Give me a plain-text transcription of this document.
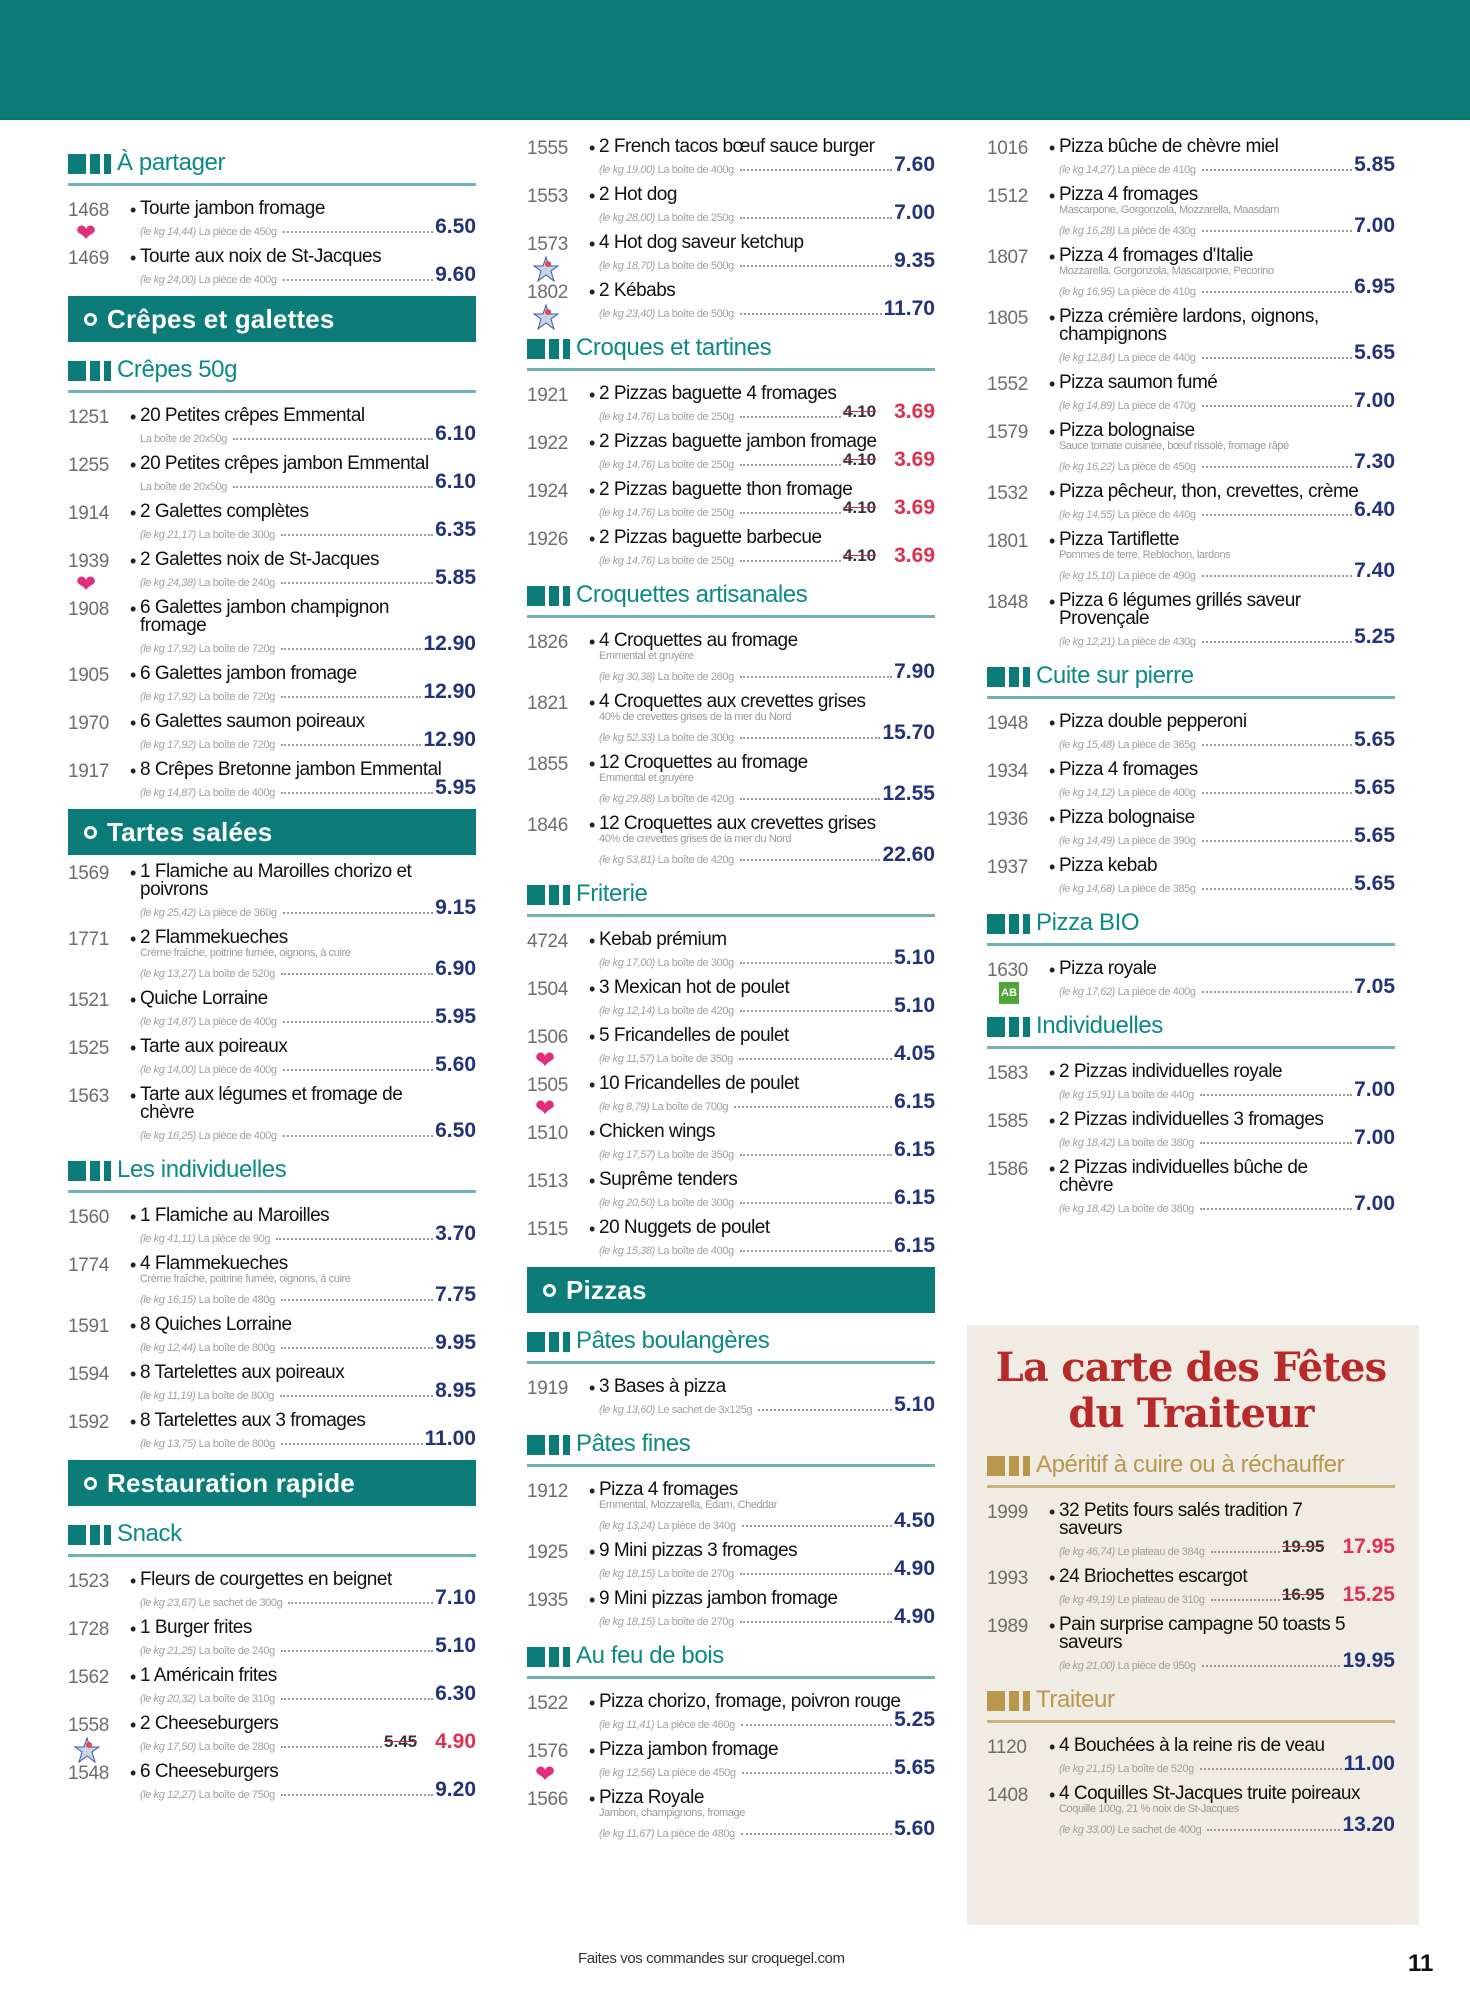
À partager
1468 •
❤
Tourte jambon fromage
(le kg 14,44) La pièce de 450g	6.50
1469 • Tourte aux noix de St-Jacques
(le kg 24,00) La pièce de 400g	9.60
Crêpes et galettes
Crêpes 50g
1251 • 20 Petites crêpes Emmental
La boîte de 20x50g	6.10
1255 • 20 Petites crêpes jambon Emmental
La boîte de 20x50g	6.10
1914 • 2 Galettes complètes
(le kg 21,17) La boîte de 300g	6.35
1939 •
❤
2 Galettes noix de St-Jacques
(le kg 24,38) La boîte de 240g	5.85
1908 • 6 Galettes jambon champignon fromage
(le kg 17,92) La boîte de 720g	12.90
1905 • 6 Galettes jambon fromage
(le kg 17,92) La boîte de 720g	12.90
1970 • 6 Galettes saumon poireaux
(le kg 17,92) La boîte de 720g	12.90
1917 • 8 Crêpes Bretonne jambon Emmental
(le kg 14,87) La boîte de 400g	5.95
Tartes salées
1569 • 1 Flamiche au Maroilles chorizo et poivrons
(le kg 25,42) La pièce de 360g	9.15
1771 • 2 Flammekueches
Crème fraîche, poitrine fumée, oignons, à cuire
(le kg 13,27) La boîte de 520g	6.90
1521 • Quiche Lorraine
(le kg 14,87) La pièce de 400g	5.95
1525 • Tarte aux poireaux
(le kg 14,00) La pièce de 400g	5.60
1563 • Tarte aux légumes et fromage de chèvre
(le kg 16,25) La pièce de 400g	6.50
Les individuelles
1560 • 1 Flamiche au Maroilles
(le kg 41,11) La pièce de 90g	3.70
1774 • 4 Flammekueches
Crème fraîche, poitrine fumée, oignons, à cuire
(le kg 16,15) La boîte de 480g	7.75
1591 • 8 Quiches Lorraine
(le kg 12,44) La boîte de 800g	9.95
1594 • 8 Tartelettes aux poireaux
(le kg 11,19) La boîte de 800g	8.95
1592 • 8 Tartelettes aux 3 fromages
(le kg 13,75) La boîte de 800g	11.00
Restauration rapide
Snack
1523 • Fleurs de courgettes en beignet
(le kg 23,67) Le sachet de 300g	7.10
1728 • 1 Burger frites
(le kg 21,25) La boîte de 240g	5.10
1562 • 1 Américain frites
(le kg 20,32) La boîte de 310g	6.30
1558 • 2 Cheeseburgers
(le kg 17,50) La boîte de 280g	5.45 4.90
1548 • 6 Cheeseburgers
(le kg 12,27) La boîte de 750g	9.20
1555 • 2 French tacos bœuf sauce burger
(le kg 19,00) La boîte de 400g	7.60
1553 • 2 Hot dog
(le kg 28,00) La boîte de 250g	7.00
1573 • 4 Hot dog saveur ketchup
(le kg 18,70) La boîte de 500g	9.35
1802 • 2 Kébabs
(le kg 23,40) La boîte de 500g	11.70
Croques et tartines
1921 • 2 Pizzas baguette 4 fromages
(le kg 14,76) La boîte de 250g	4.10 3.69
1922 • 2 Pizzas baguette jambon fromage
(le kg 14,76) La boîte de 250g	4.10 3.69
1924 • 2 Pizzas baguette thon fromage
(le kg 14,76) La boîte de 250g	4.10 3.69
1926 • 2 Pizzas baguette barbecue
(le kg 14,76) La boîte de 250g	4.10 3.69
Croquettes artisanales
1826 • 4 Croquettes au fromage
Emmental et gruyère
(le kg 30,38) La boîte de 260g	7.90
1821 • 4 Croquettes aux crevettes grises
40% de crevettes grises de la mer du Nord
(le kg 52,33) La boîte de 300g	15.70
1855 • 12 Croquettes au fromage
Emmental et gruyère
(le kg 29,88) La boîte de 420g	12.55
1846 • 12 Croquettes aux crevettes grises
40% de crevettes grises de la mer du Nord
(le kg 53,81) La boîte de 420g	22.60
Friterie
4724 • Kebab prémium
(le kg 17,00) La boîte de 300g	5.10
1504 • 3 Mexican hot de poulet
(le kg 12,14) La boîte de 420g	5.10
1506 •
❤
5 Fricandelles de poulet
(le kg 11,57) La boîte de 350g	4.05
1505 •
❤
10 Fricandelles de poulet
(le kg 8,79) La boîte de 700g	6.15
1510 • Chicken wings
(le kg 17,57) La boîte de 350g	6.15
1513 • Suprême tenders
(le kg 20,50) La boîte de 300g	6.15
1515 • 20 Nuggets de poulet
(le kg 15,38) La boîte de 400g	6.15
Pizzas
Pâtes boulangères
1919 • 3 Bases à pizza
(le kg 13,60) Le sachet de 3x125g	5.10
Pâtes fines
1912 • Pizza 4 fromages
Emmental, Mozzarella, Edam, Cheddar
(le kg 13,24) La pièce de 340g	4.50
1925 • 9 Mini pizzas 3 fromages
(le kg 18,15) La boîte de 270g	4.90
1935 • 9 Mini pizzas jambon fromage
(le kg 18,15) La boîte de 270g	4.90
Au feu de bois
1522 • Pizza chorizo, fromage, poivron rouge
(le kg 11,41) La pièce de 460g	5.25
1576 •
❤
Pizza jambon fromage
(le kg 12,56) La pièce de 450g	5.65
1566 • Pizza Royale
Jambon, champignons, fromage
(le kg 11,67) La pièce de 480g	5.60
1016 • Pizza bûche de chèvre miel
(le kg 14,27) La pièce de 410g	5.85
1512 • Pizza 4 fromages
Mascarpone, Gorgonzola, Mozzarella, Maasdam
(le kg 16,28) La pièce de 430g	7.00
1807 • Pizza 4 fromages d'Italie
Mozzarella, Gorgonzola, Mascarpone, Pecorino
(le kg 16,95) La pièce de 410g	6.95
1805 • Pizza crémière lardons, oignons, champignons
(le kg 12,84) La pièce de 440g	5.65
1552 • Pizza saumon fumé
(le kg 14,89) La pièce de 470g	7.00
1579 • Pizza bolognaise
Sauce tomate cuisinée, bœuf rissolé, fromage râpé
(le kg 16,22) La pièce de 450g	7.30
1532 • Pizza pêcheur, thon, crevettes, crème
(le kg 14,55) La pièce de 440g	6.40
1801 • Pizza Tartiflette
Pommes de terre, Reblochon, lardons
(le kg 15,10) La pièce de 490g	7.40
1848 • Pizza 6 légumes grillés saveur Provençale
(le kg 12,21) La pièce de 430g	5.25
Cuite sur pierre
1948 • Pizza double pepperoni
(le kg 15,48) La pièce de 365g	5.65
1934 • Pizza 4 fromages
(le kg 14,12) La pièce de 400g	5.65
1936 • Pizza bolognaise
(le kg 14,49) La pièce de 390g	5.65
1937 • Pizza kebab
(le kg 14,68) La pièce de 385g	5.65
Pizza BIO
1630 •
AB
Pizza royale
(le kg 17,62) La pièce de 400g	7.05
Individuelles
1583 • 2 Pizzas individuelles royale
(le kg 15,91) La boîte de 440g	7.00
1585 • 2 Pizzas individuelles 3 fromages
(le kg 18,42) La boîte de 380g	7.00
1586 • 2 Pizzas individuelles bûche de chèvre
(le kg 18,42) La boîte de 380g	7.00
La carte des Fêtes
du Traiteur
Apéritif à cuire ou à réchauffer
1999 • 32 Petits fours salés tradition 7 saveurs
(le kg 46,74) Le plateau de 384g	19.95 17.95
1993 • 24 Briochettes escargot
(le kg 49,19) Le plateau de 310g	16.95 15.25
1989 • Pain surprise campagne 50 toasts 5 saveurs
(le kg 21,00) La pièce de 950g	19.95
Traiteur
1120 • 4 Bouchées à la reine ris de veau
(le kg 21,15) La boîte de 520g	11.00
1408 • 4 Coquilles St-Jacques truite poireaux
Coquille 100g, 21 % noix de St-Jacques
(le kg 33,00) Le sachet de 400g	13.20
Faites vos commandes sur croquegel.com	11
